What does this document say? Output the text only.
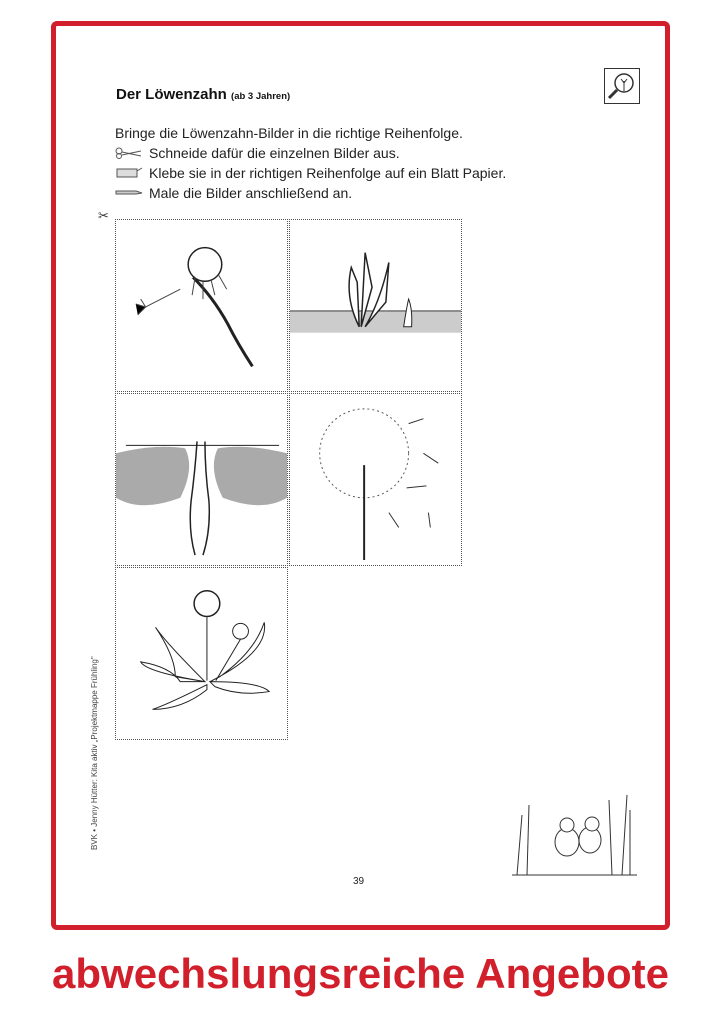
Der Löwenzahn (ab 3 Jahren)
Bringe die Löwenzahn-Bilder in die richtige Reihenfolge.
Schneide dafür die einzelnen Bilder aus.
Klebe sie in der richtigen Reihenfolge auf ein Blatt Papier.
Male die Bilder anschließend an.
✂
BVK • Jenny Hütter: Kita aktiv „Projektmappe Frühling"
39
abwechslungsreiche Angebote
